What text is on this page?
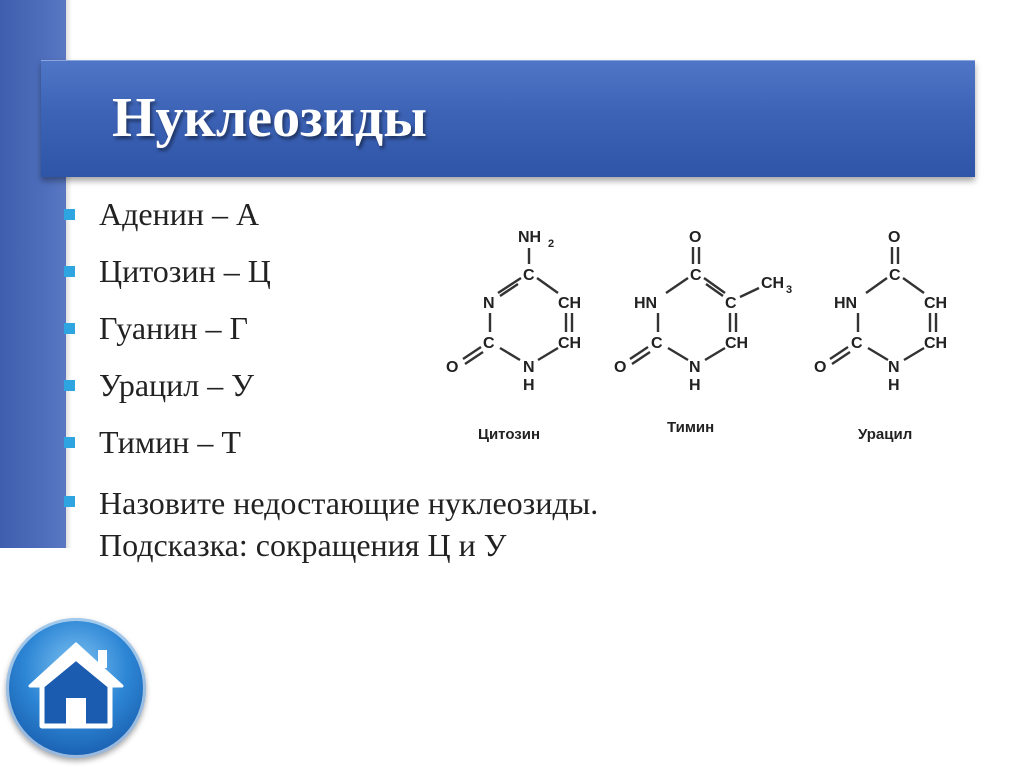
Нуклеозиды
Аденин – А
Цитозин – Ц
Гуанин – Г
Урацил – У
Тимин – Т
Назовите недостающие нуклеозиды.
Подсказка: сокращения Ц и У
NH 2
C
N	CH
C	CH
O	N
H
Цитозин
O
C
HN	C
CH 3
C	CH
O	N
H
Тимин
O
C
HN	CH
C	CH
O	N
H
Урацил
